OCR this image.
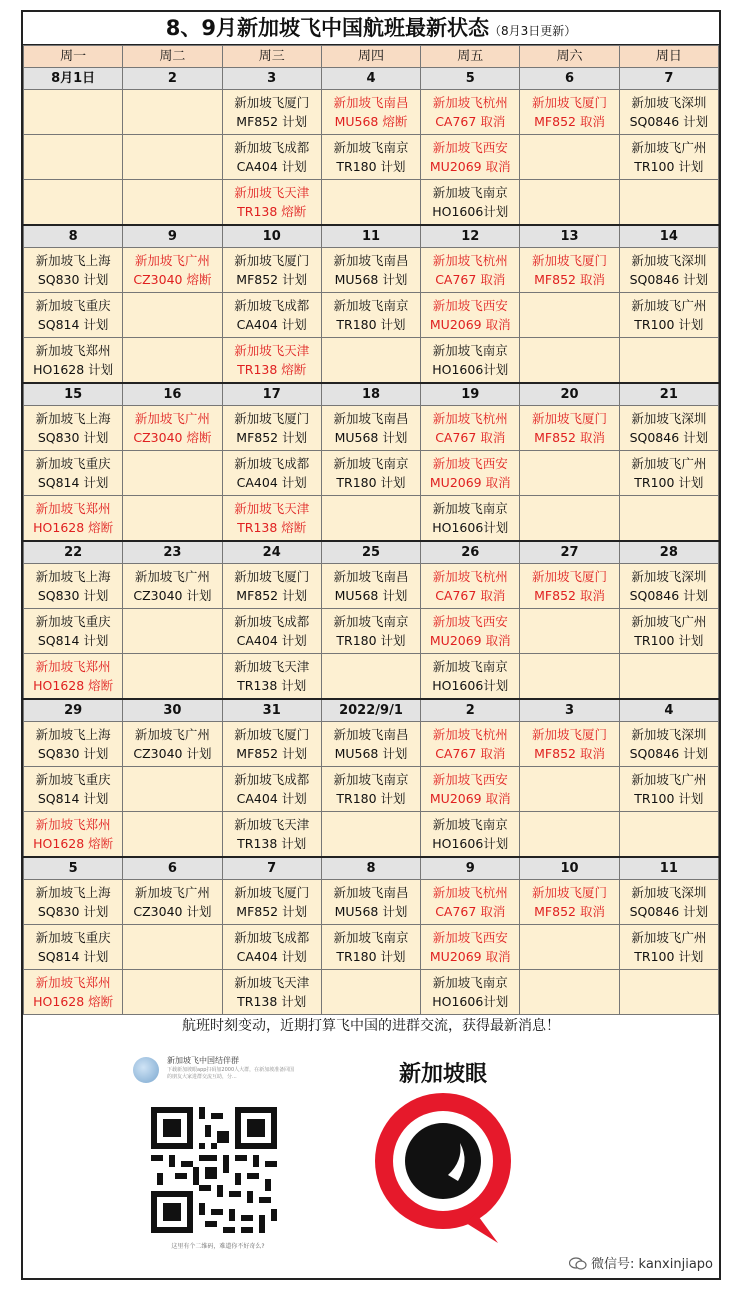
8、9月新加坡飞中国航班最新状态（8月3日更新）
周一	周二	周三	周四	周五	周六	周日
8月1日	2	3	4	5	6	7

		新加坡飞厦门
MF852 计划	新加坡飞南昌
MU568 熔断	新加坡飞杭州
CA767 取消	新加坡飞厦门
MF852 取消	新加坡飞深圳
SQ0846 计划

		新加坡飞成都
CA404 计划	新加坡飞南京
TR180 计划	新加坡飞西安
MU2069 取消		新加坡飞广州
TR100 计划

		新加坡飞天津
TR138 熔断		新加坡飞南京
HO1606计划		

8	9	10	11	12	13	14

新加坡飞上海
SQ830 计划	新加坡飞广州
CZ3040 熔断	新加坡飞厦门
MF852 计划	新加坡飞南昌
MU568 计划	新加坡飞杭州
CA767 取消	新加坡飞厦门
MF852 取消	新加坡飞深圳
SQ0846 计划

新加坡飞重庆
SQ814 计划		新加坡飞成都
CA404 计划	新加坡飞南京
TR180 计划	新加坡飞西安
MU2069 取消		新加坡飞广州
TR100 计划

新加坡飞郑州
HO1628 计划		新加坡飞天津
TR138 熔断		新加坡飞南京
HO1606计划		

15	16	17	18	19	20	21

新加坡飞上海
SQ830 计划	新加坡飞广州
CZ3040 熔断	新加坡飞厦门
MF852 计划	新加坡飞南昌
MU568 计划	新加坡飞杭州
CA767 取消	新加坡飞厦门
MF852 取消	新加坡飞深圳
SQ0846 计划

新加坡飞重庆
SQ814 计划		新加坡飞成都
CA404 计划	新加坡飞南京
TR180 计划	新加坡飞西安
MU2069 取消		新加坡飞广州
TR100 计划

新加坡飞郑州
HO1628 熔断		新加坡飞天津
TR138 熔断		新加坡飞南京
HO1606计划		

22	23	24	25	26	27	28

新加坡飞上海
SQ830 计划	新加坡飞广州
CZ3040 计划	新加坡飞厦门
MF852 计划	新加坡飞南昌
MU568 计划	新加坡飞杭州
CA767 取消	新加坡飞厦门
MF852 取消	新加坡飞深圳
SQ0846 计划

新加坡飞重庆
SQ814 计划		新加坡飞成都
CA404 计划	新加坡飞南京
TR180 计划	新加坡飞西安
MU2069 取消		新加坡飞广州
TR100 计划

新加坡飞郑州
HO1628 熔断		新加坡飞天津
TR138 计划		新加坡飞南京
HO1606计划		

29	30	31	2022/9/1	2	3	4

新加坡飞上海
SQ830 计划	新加坡飞广州
CZ3040 计划	新加坡飞厦门
MF852 计划	新加坡飞南昌
MU568 计划	新加坡飞杭州
CA767 取消	新加坡飞厦门
MF852 取消	新加坡飞深圳
SQ0846 计划

新加坡飞重庆
SQ814 计划		新加坡飞成都
CA404 计划	新加坡飞南京
TR180 计划	新加坡飞西安
MU2069 取消		新加坡飞广州
TR100 计划

新加坡飞郑州
HO1628 熔断		新加坡飞天津
TR138 计划		新加坡飞南京
HO1606计划		

5	6	7	8	9	10	11

新加坡飞上海
SQ830 计划	新加坡飞广州
CZ3040 计划	新加坡飞厦门
MF852 计划	新加坡飞南昌
MU568 计划	新加坡飞杭州
CA767 取消	新加坡飞厦门
MF852 取消	新加坡飞深圳
SQ0846 计划

新加坡飞重庆
SQ814 计划		新加坡飞成都
CA404 计划	新加坡飞南京
TR180 计划	新加坡飞西安
MU2069 取消		新加坡飞广州
TR100 计划

新加坡飞郑州
HO1628 熔断		新加坡飞天津
TR138 计划		新加坡飞南京
HO1606计划		

航班时刻变动，近期打算飞中国的进群交流，获得最新消息！
新加坡飞中国结伴群
下载新加坡眼app扫码加2000人大群，在新加坡准备回国的朋友大家进群交流互助，分...
这里有个二维码，难道你不好奇么?
新加坡眼
微信号: kanxinjiapo
